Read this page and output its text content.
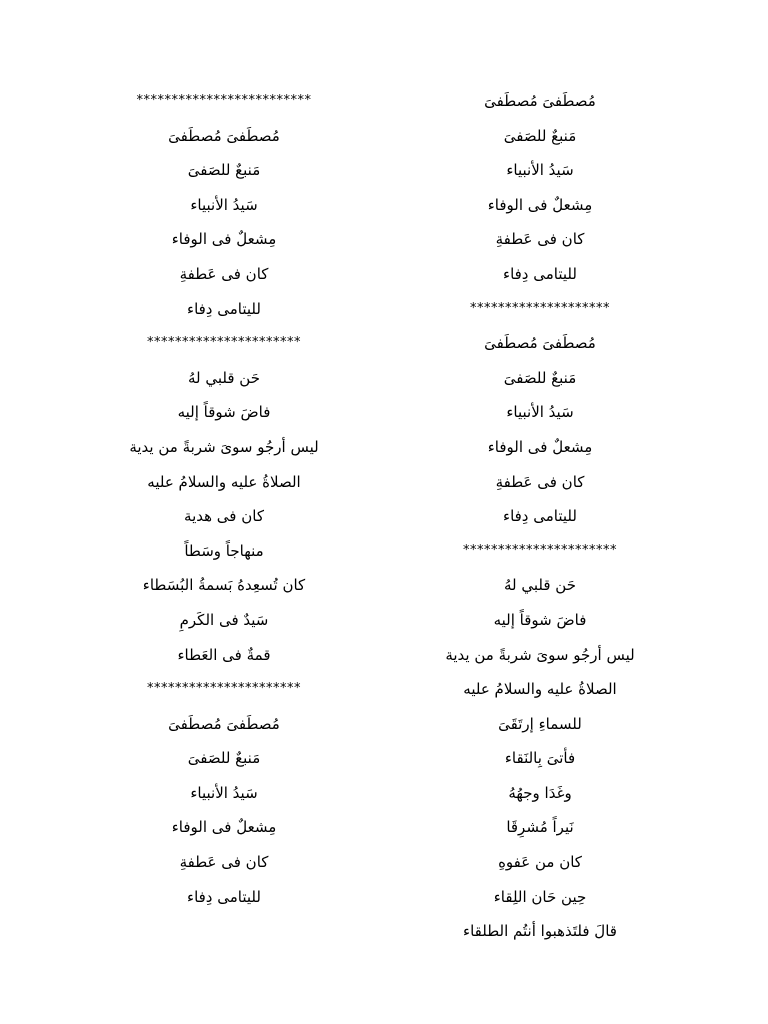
مُصطَفىَ مُصطَفىَ
مَنبعٌ للصَفىَ
سَيدُ الأنبياء
مِشعلٌ فى الوفاء
كان فى عَطفةِ
لليتامى دِفاء
********************
مُصطَفىَ مُصطَفىَ
مَنبعٌ للصَفىَ
سَيدُ الأنبياء
مِشعلٌ فى الوفاء
كان فى عَطفةِ
لليتامى دِفاء
**********************
حَن قلبي لهُ
فاضَ شوقاً إليه
ليس أرجُو سوىَ شربةً من يدية
الصلاةُ عليه والسلامُ عليه
للسماءِ إرتَقَىَ
فأتىَ بِالنَقاء
وغَدَا وجهُهُ
نَيراً مُشرِقَا
كان من عَفوهِ
حِين حَان اللِقاء
قالَ فلتَذهبوا أنتُم الطلقاء
*************************
مُصطَفىَ مُصطَفىَ
مَنبعٌ للصَفىَ
سَيدُ الأنبياء
مِشعلٌ فى الوفاء
كان فى عَطفةِ
لليتامى دِفاء
**********************
حَن قلبي لهُ
فاضَ شوقاً إليه
ليس أرجُو سوىَ شربةً من يدية
الصلاةُ عليه والسلامُ عليه
كان فى هدية
منهاجاً وسَطاً
كان تُسعِدهُ بَسمةُ البُسَطاء
سَيدٌ فى الكَرمِ
قمةٌ فى العَطاء
**********************
مُصطَفىَ مُصطَفىَ
مَنبعٌ للصَفىَ
سَيدُ الأنبياء
مِشعلٌ فى الوفاء
كان فى عَطفةِ
لليتامى دِفاء
